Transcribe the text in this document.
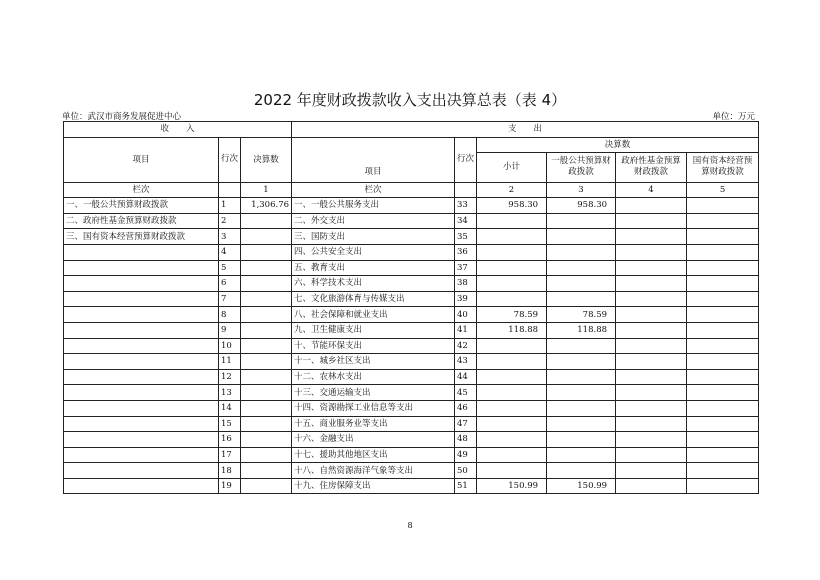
2022 年度财政拨款收入支出决算总表（表 4）
单位：武汉市商务发展促进中心	单位：万元
收　　入			支　　出					
项目	行次	决算数	项目	行次	决算数			
					小计	一般公共预算财政拨款	政府性基金预算财政拨款	国有资本经营预算财政拨款
栏次		1	栏次		2	3	4	5
一、一般公共预算财政拨款	1	1,306.76	一、一般公共服务支出	33	958.30	958.30		
二、政府性基金预算财政拨款	2		二、外交支出	34				
三、国有资本经营预算财政拨款	3		三、国防支出	35				
	4		四、公共安全支出	36				
	5		五、教育支出	37				
	6		六、科学技术支出	38				
	7		七、文化旅游体育与传媒支出	39				
	8		八、社会保障和就业支出	40	78.59	78.59		
	9		九、卫生健康支出	41	118.88	118.88		
	10		十、节能环保支出	42				
	11		十一、城乡社区支出	43				
	12		十二、农林水支出	44				
	13		十三、交通运输支出	45				
	14		十四、资源勘探工业信息等支出	46				
	15		十五、商业服务业等支出	47				
	16		十六、金融支出	48				
	17		十七、援助其他地区支出	49				
	18		十八、自然资源海洋气象等支出	50				
	19		十九、住房保障支出	51	150.99	150.99		
8
